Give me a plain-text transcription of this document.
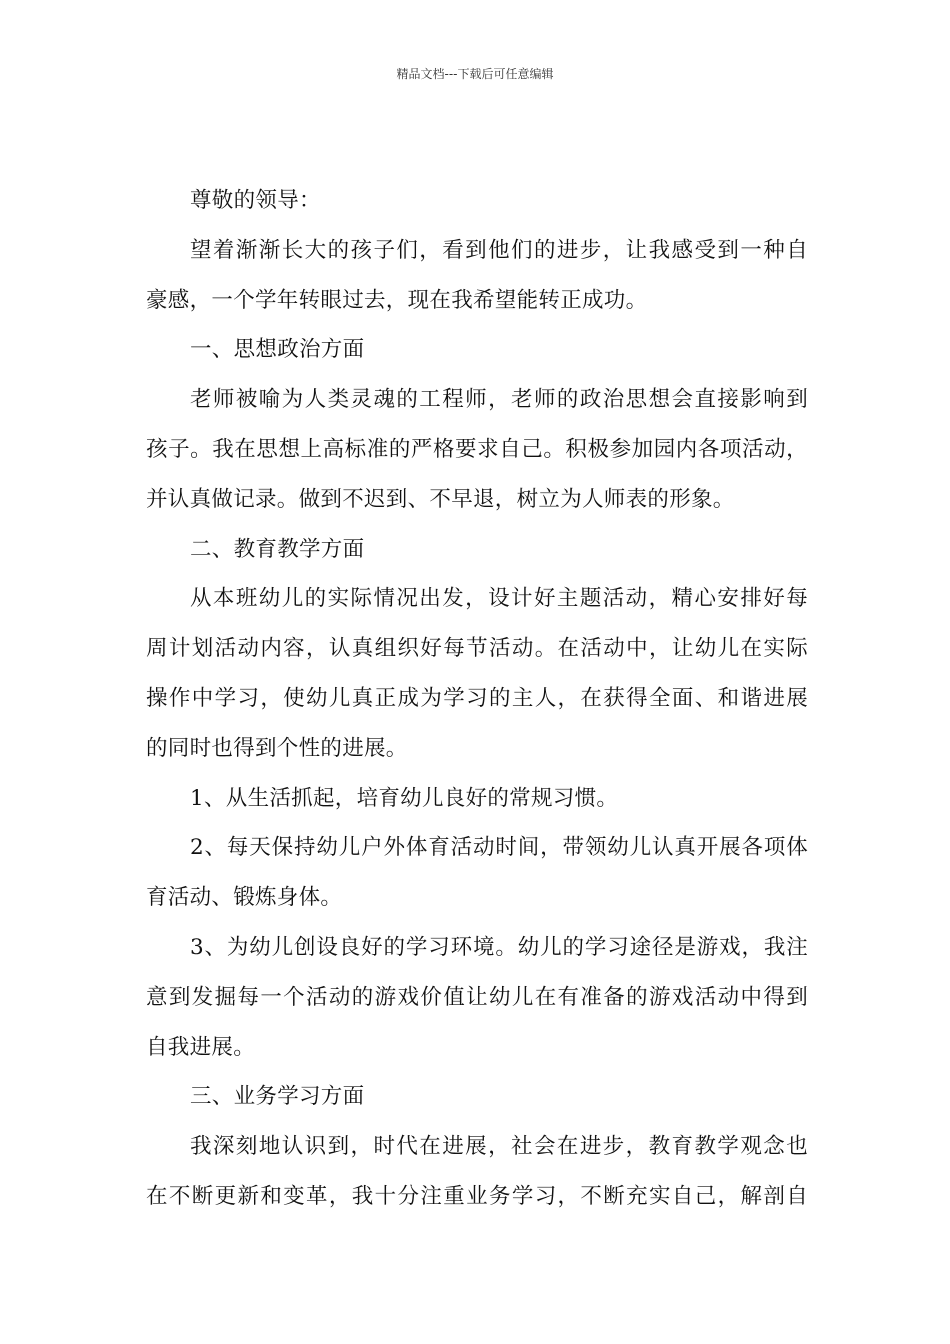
精品文档---下载后可任意编辑
尊敬的领导：
望着渐渐长大的孩子们，看到他们的进步，让我感受到一种自
豪感，一个学年转眼过去，现在我希望能转正成功。
一、思想政治方面
老师被喻为人类灵魂的工程师，老师的政治思想会直接影响到
孩子。我在思想上高标准的严格要求自己。积极参加园内各项活动，
并认真做记录。做到不迟到、不早退，树立为人师表的形象。
二、教育教学方面
从本班幼儿的实际情况出发，设计好主题活动，精心安排好每
周计划活动内容，认真组织好每节活动。在活动中，让幼儿在实际
操作中学习，使幼儿真正成为学习的主人，在获得全面、和谐进展
的同时也得到个性的进展。
1、从生活抓起，培育幼儿良好的常规习惯。
2、每天保持幼儿户外体育活动时间，带领幼儿认真开展各项体
育活动、锻炼身体。
3、为幼儿创设良好的学习环境。幼儿的学习途径是游戏，我注
意到发掘每一个活动的游戏价值让幼儿在有准备的游戏活动中得到
自我进展。
三、业务学习方面
我深刻地认识到，时代在进展，社会在进步，教育教学观念也
在不断更新和变革，我十分注重业务学习，不断充实自己，解剖自
